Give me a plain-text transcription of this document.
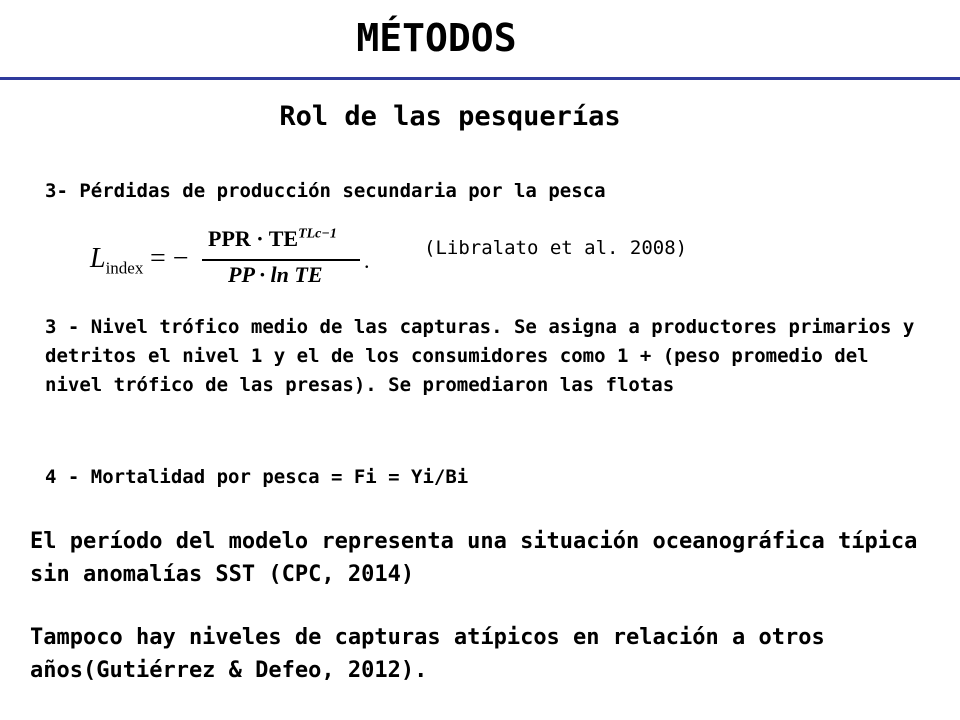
MÉTODOS
Rol de las pesquerías
3- Pérdidas de producción secundaria por la pesca
$L_{index}$ = −
PPR · $TE^{TLc-1}$
PP · ln TE
.	(Libralato et al. 2008)
3 - Nivel trófico medio de las capturas. Se asigna a productores primarios y detritos el nivel 1 y el de los consumidores como 1 + (peso promedio del nivel trófico de las presas). Se promediaron las flotas
4 - Mortalidad por pesca = Fi = Yi/Bi
El período del modelo representa una situación oceanográfica típica sin anomalías SST (CPC, 2014)
Tampoco hay niveles de capturas atípicos en relación a otros años(Gutiérrez & Defeo, 2012).
